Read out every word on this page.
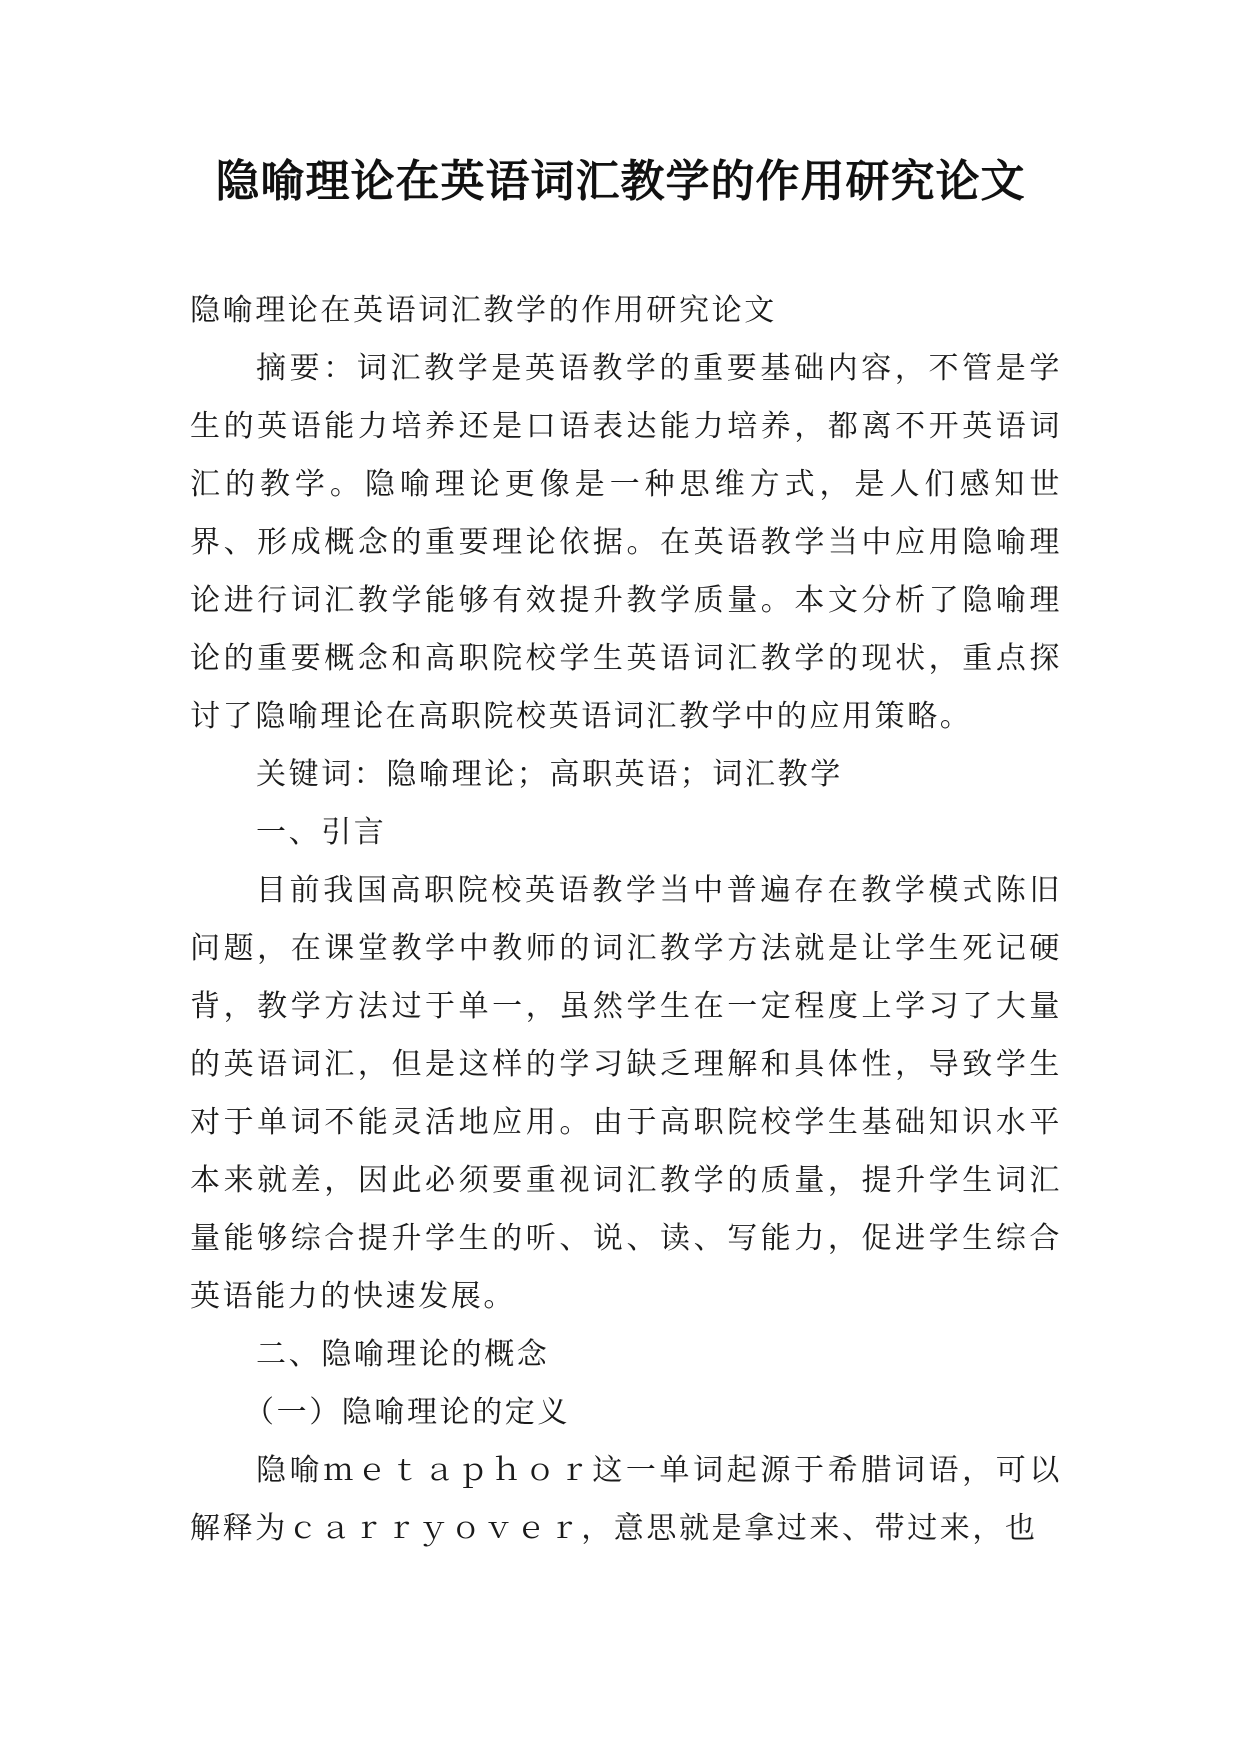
隐喻理论在英语词汇教学的作用研究论文

隐喻理论在英语词汇教学的作用研究论文

摘要：词汇教学是英语教学的重要基础内容，不管是学生的英语能力培养还是口语表达能力培养，都离不开英语词汇的教学。隐喻理论更像是一种思维方式，是人们感知世界、形成概念的重要理论依据。在英语教学当中应用隐喻理论进行词汇教学能够有效提升教学质量。本文分析了隐喻理论的重要概念和高职院校学生英语词汇教学的现状，重点探讨了隐喻理论在高职院校英语词汇教学中的应用策略。

关键词：隐喻理论；高职英语；词汇教学

一、引言

目前我国高职院校英语教学当中普遍存在教学模式陈旧问题，在课堂教学中教师的词汇教学方法就是让学生死记硬背，教学方法过于单一，虽然学生在一定程度上学习了大量的英语词汇，但是这样的学习缺乏理解和具体性，导致学生对于单词不能灵活地应用。由于高职院校学生基础知识水平本来就差，因此必须要重视词汇教学的质量，提升学生词汇量能够综合提升学生的听、说、读、写能力，促进学生综合英语能力的快速发展。

二、隐喻理论的概念

（一）隐喻理论的定义

隐喻ｍｅｔａｐｈｏｒ这一单词起源于希腊词语，可以解释为ｃａｒｒｙｏｖｅｒ，意思就是拿过来、带过来，也
